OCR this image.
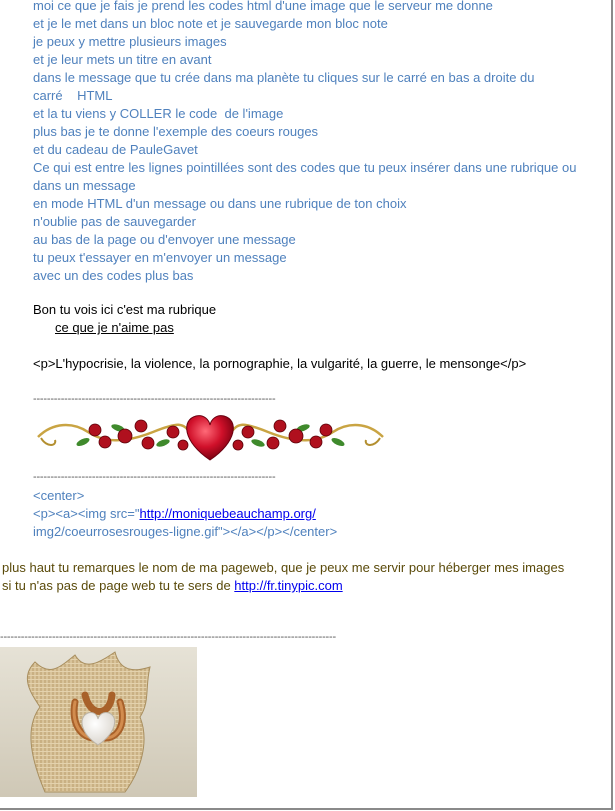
moi ce que je fais je prend les codes html d'une image que le serveur me donne
et je le met dans un bloc note et je sauvegarde mon bloc note
je peux y mettre plusieurs images
et je leur mets un titre en avant
dans le message que tu crée dans ma planète tu cliques sur le carré en bas a droite du
carré    HTML
et la tu viens y COLLER le code  de l'image
plus bas je te donne l'exemple des coeurs rouges
et du cadeau de PauleGavet
Ce qui est entre les lignes pointillées sont des codes que tu peux insérer dans une rubrique ou dans un message
en mode HTML d'un message ou dans une rubrique de ton choix
n'oublie pas de sauvegarder
au bas de la page ou d'envoyer une message
tu peux t'essayer en m'envoyer un message
avec un des codes plus bas
Bon tu vois ici c'est ma rubrique
ce que je n'aime pas
<p>L'hypocrisie, la violence, la pornographie, la vulgarité, la guerre, le mensonge</p>
----------------------------------------------------------------------
----------------------------------------------------------------------
<center>
<p><a><img src="http://moniquebeauchamp.org/
img2/coeurrosesrouges-ligne.gif"></a></p></center>
plus haut tu remarques le nom de ma pageweb, que je peux me servir pour héberger mes images
si tu n'as pas de page web tu te sers de http://fr.tinypic.com
-------------------------------------------------------------------------------------------------
